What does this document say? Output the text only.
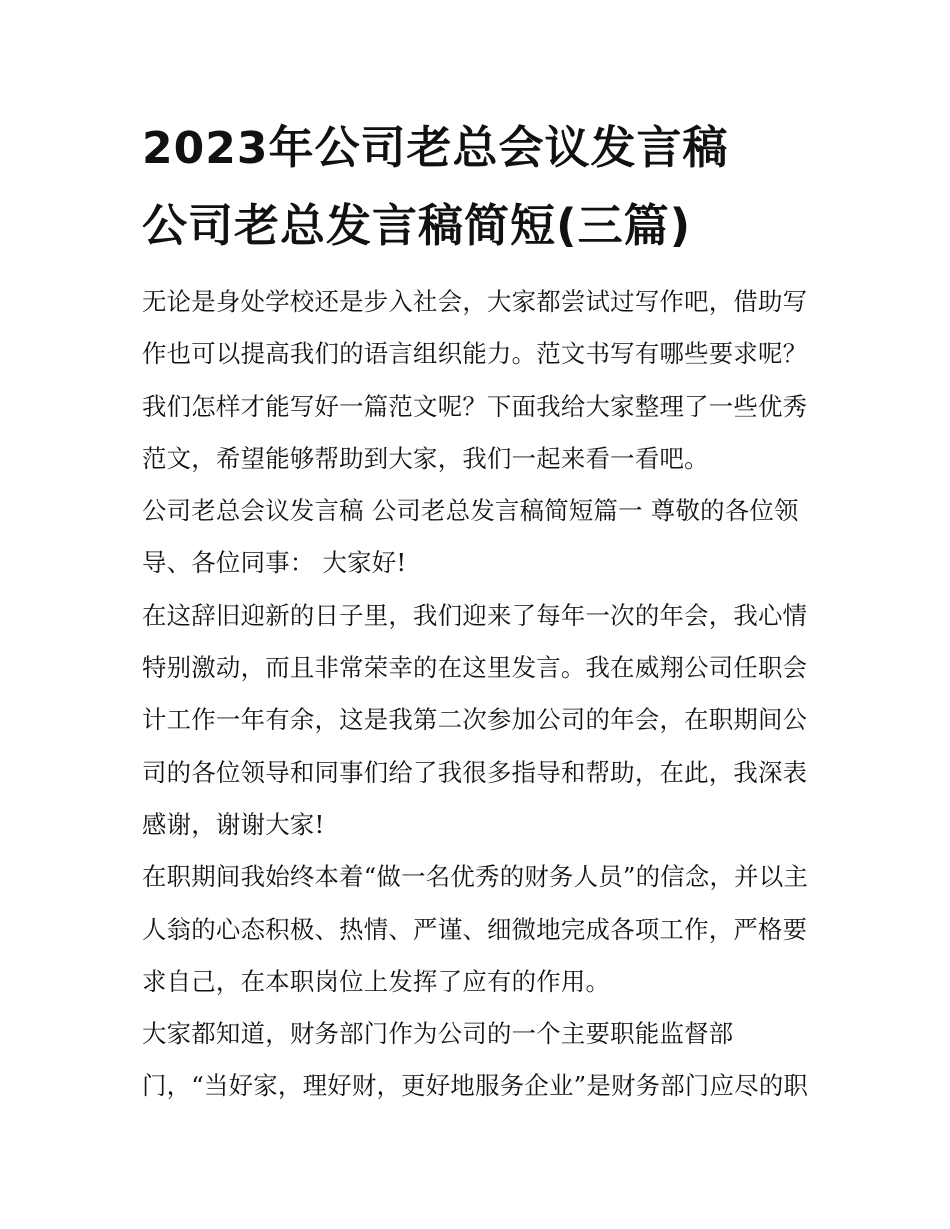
2023年公司老总会议发言稿
公司老总发言稿简短(三篇)
无论是身处学校还是步入社会，大家都尝试过写作吧，借助写
作也可以提高我们的语言组织能力。范文书写有哪些要求呢？
我们怎样才能写好一篇范文呢？下面我给大家整理了一些优秀
范文，希望能够帮助到大家，我们一起来看一看吧。
公司老总会议发言稿 公司老总发言稿简短篇一 尊敬的各位领
导、各位同事： 大家好!
在这辞旧迎新的日子里，我们迎来了每年一次的年会，我心情
特别激动，而且非常荣幸的在这里发言。我在威翔公司任职会
计工作一年有余，这是我第二次参加公司的年会，在职期间公
司的各位领导和同事们给了我很多指导和帮助，在此，我深表
感谢，谢谢大家!
在职期间我始终本着“做一名优秀的财务人员”的信念，并以主
人翁的心态积极、热情、严谨、细微地完成各项工作，严格要
求自己，在本职岗位上发挥了应有的作用。
大家都知道，财务部门作为公司的一个主要职能监督部
门，“当好家，理好财，更好地服务企业”是财务部门应尽的职
